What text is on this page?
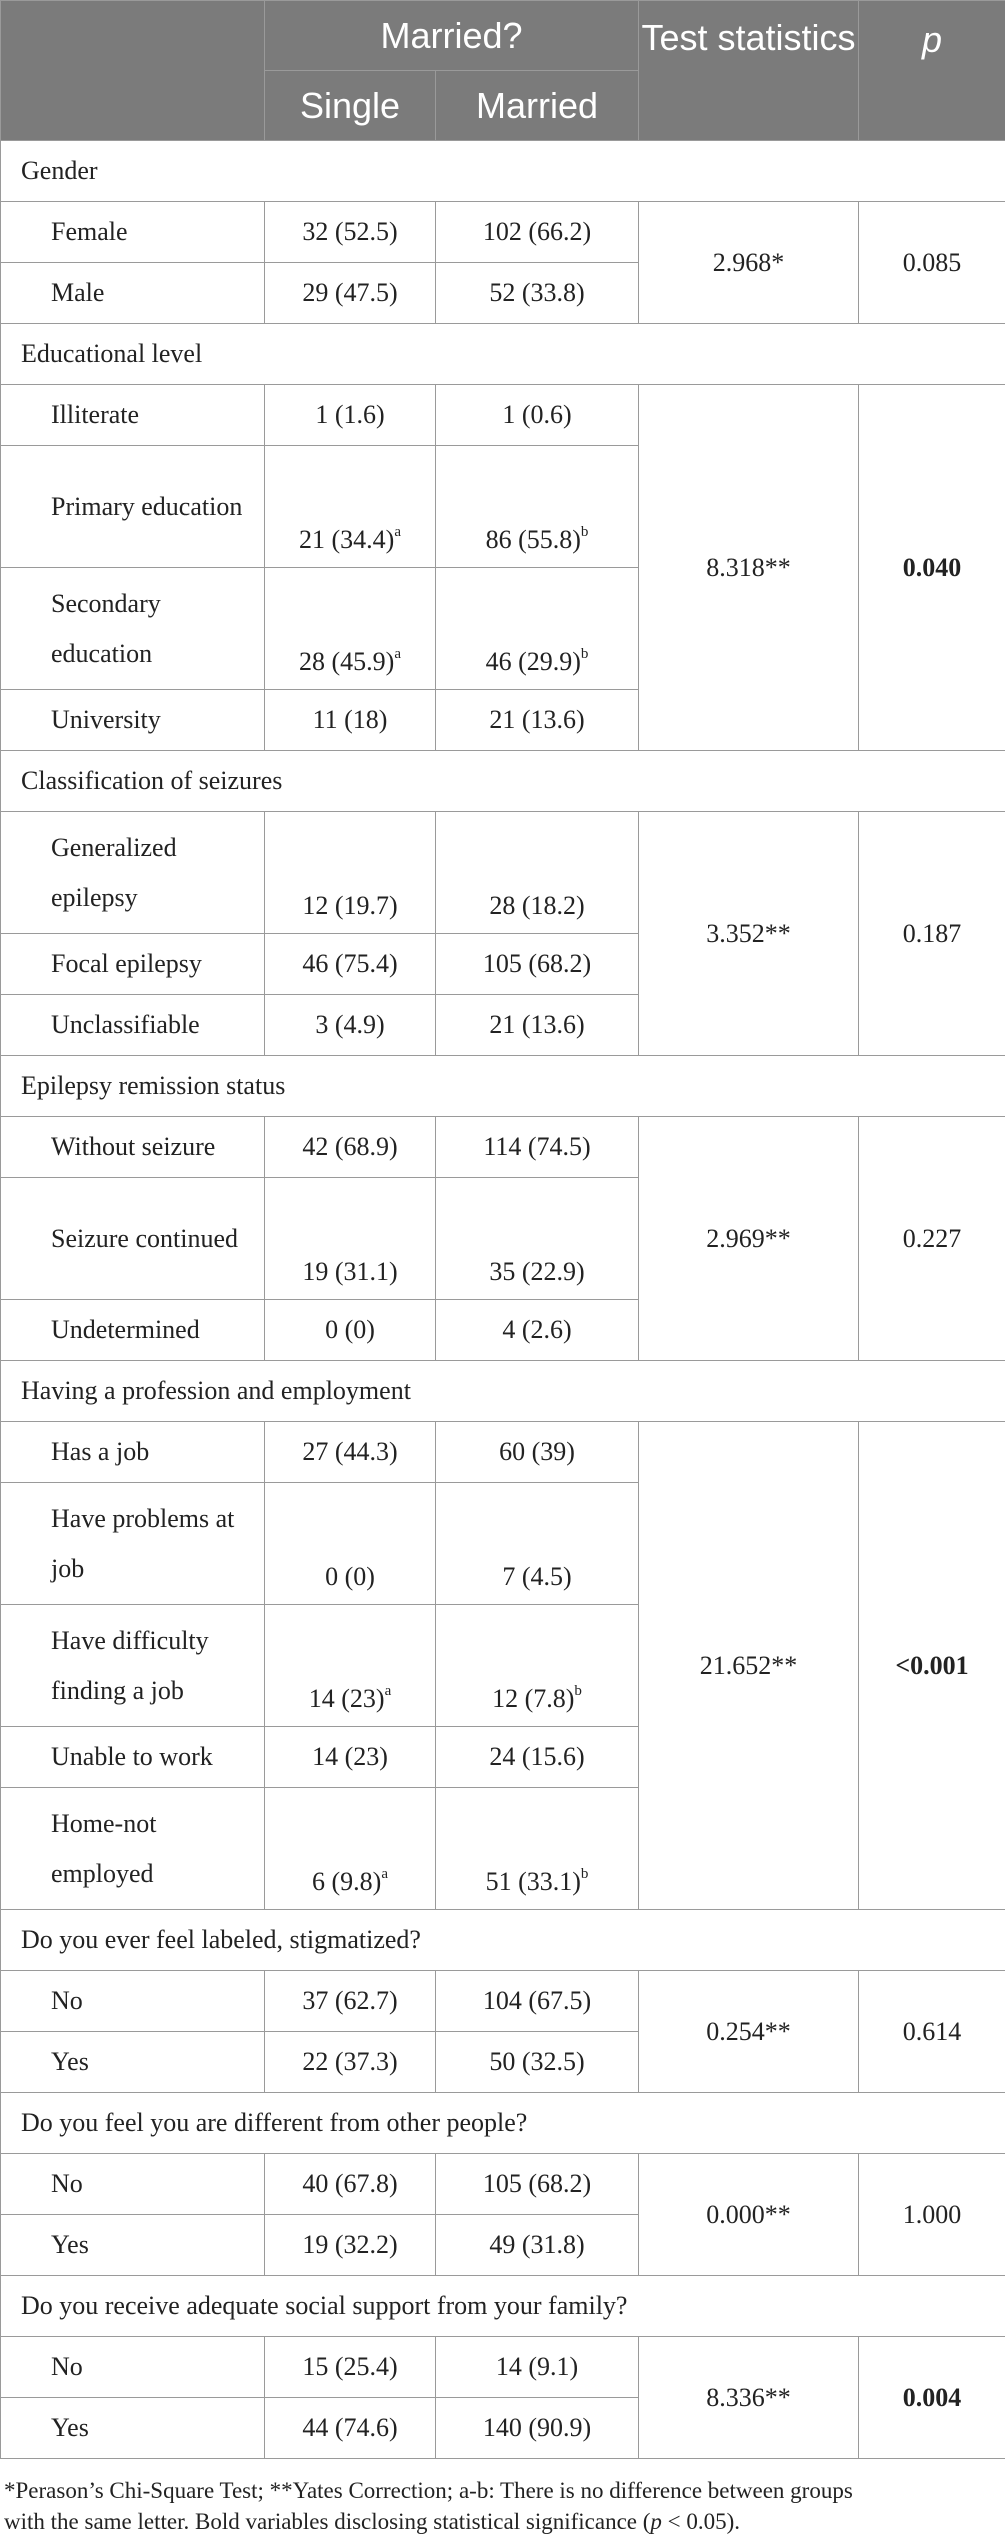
	Married?		Test statistics	p
	Single	Married		
Gender				
Female	32 (52.5)	102 (66.2)	2.968*	0.085
Male	29 (47.5)	52 (33.8)		
Educational level				
Illiterate	1 (1.6)	1 (0.6)	8.318**	0.040
Primary education	21 $(34.4)^a$	86 $(55.8)^b$
Secondary education	28 $(45.9)^a$	46 $(29.9)^b$
University	11 (18)	21 (13.6)		
Classification of seizures				
Generalized epilepsy	12 (19.7)	28 (18.2)	3.352**	0.187
Focal epilepsy	46 (75.4)	105 (68.2)		
Unclassifiable	3 (4.9)	21 (13.6)		
Epilepsy remission status				
Without seizure	42 (68.9)	114 (74.5)	2.969**	0.227
Seizure continued	19 (31.1)	35 (22.9)		
Undetermined	0 (0)	4 (2.6)		
Having a profession and employment				
Has a job	27 (44.3)	60 (39)	21.652**	<0.001
Have problems at job	0 (0)	7 (4.5)		
Have difficulty finding a job	14 $(23)^a$	12 $(7.8)^b$
Unable to work	14 (23)	24 (15.6)		
Home-not employed	6 $(9.8)^a$	51 $(33.1)^b$
Do you ever feel labeled, stigmatized?				
No	37 (62.7)	104 (67.5)	0.254**	0.614
Yes	22 (37.3)	50 (32.5)		
Do you feel you are different from other people?				
No	40 (67.8)	105 (68.2)	0.000**	1.000
Yes	19 (32.2)	49 (31.8)		
Do you receive adequate social support from your family?				
No	15 (25.4)	14 (9.1)	8.336**	0.004
Yes	44 (74.6)	140 (90.9)		
*Perason’s Chi-Square Test; **Yates Correction; a-b: There is no difference between groups
with the same letter. Bold variables disclosing statistical significance (p < 0.05).
